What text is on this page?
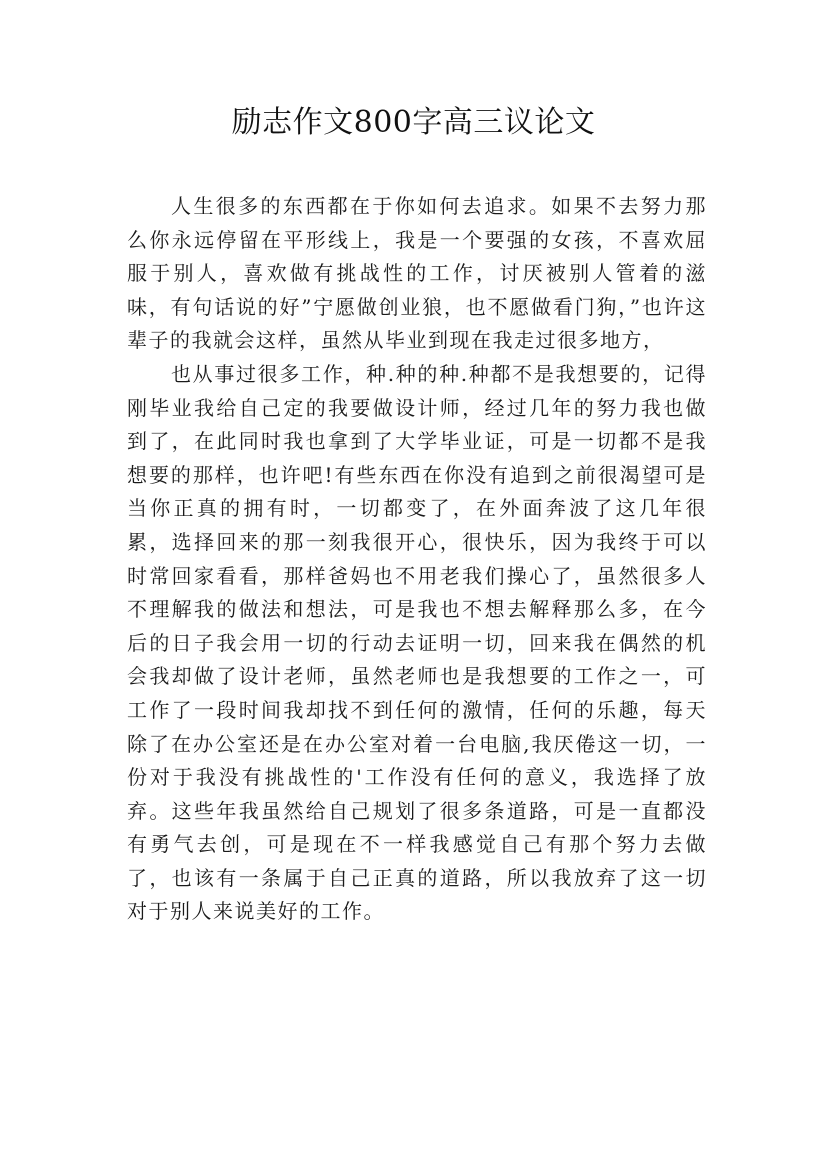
励志作文800字高三议论文

人生很多的东西都在于你如何去追求。如果不去努力那么你永远停留在平形线上，我是一个要强的女孩，不喜欢屈服于别人，喜欢做有挑战性的工作，讨厌被别人管着的滋味，有句话说的好”宁愿做创业狼，也不愿做看门狗，”也许这辈子的我就会这样，虽然从毕业到现在我走过很多地方，

也从事过很多工作，种.种的种.种都不是我想要的，记得刚毕业我给自己定的我要做设计师，经过几年的努力我也做到了，在此同时我也拿到了大学毕业证，可是一切都不是我想要的那样，也许吧!有些东西在你没有追到之前很渴望可是当你正真的拥有时，一切都变了，在外面奔波了这几年很累，选择回来的那一刻我很开心，很快乐，因为我终于可以时常回家看看，那样爸妈也不用老我们操心了，虽然很多人不理解我的做法和想法，可是我也不想去解释那么多，在今后的日子我会用一切的行动去证明一切，回来我在偶然的机会我却做了设计老师，虽然老师也是我想要的工作之一，可工作了一段时间我却找不到任何的激情，任何的乐趣，每天除了在办公室还是在办公室对着一台电脑,我厌倦这一切，一份对于我没有挑战性的'工作没有任何的意义，我选择了放弃。这些年我虽然给自己规划了很多条道路，可是一直都没有勇气去创，可是现在不一样我感觉自己有那个努力去做了，也该有一条属于自己正真的道路，所以我放弃了这一切对于别人来说美好的工作。
